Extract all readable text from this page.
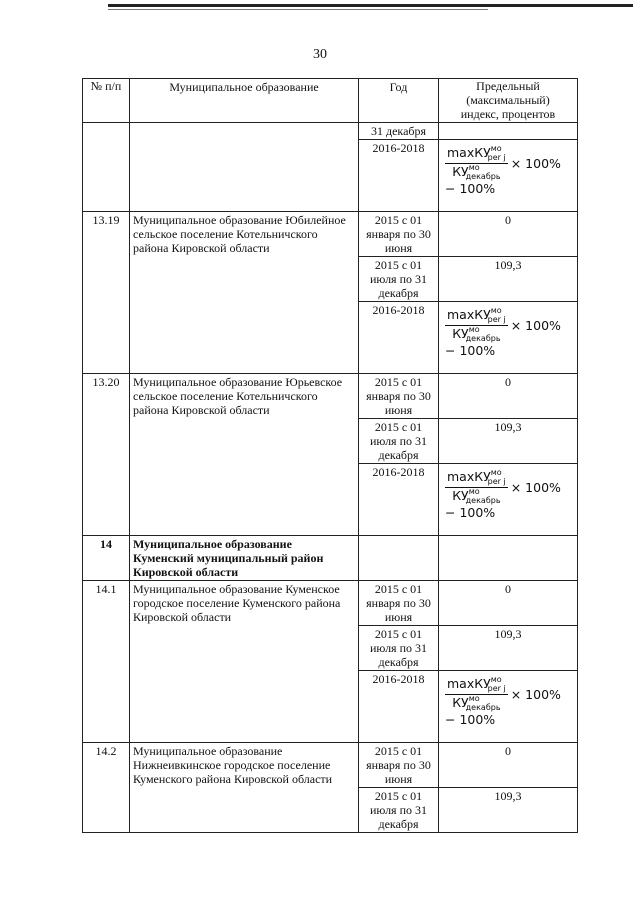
30
№ п/п	Муниципальное образование	Год	Предельный (максимальный) индекс, процентов
		31 декабря	
		2016-2018	$\frac{\max КУ^{мо}_{per j}}{КУ^{мо}_{декабрь}} \times 100\%$
− 100%

13.19	Муниципальное образование Юбилейное сельское поселение Котельничского района Кировской области	2015 с 01 января по 30 июня	0
		2015 с 01 июля по 31 декабря	109,3
		2016-2018	$\frac{\max КУ^{мо}_{per j}}{КУ^{мо}_{декабрь}} \times 100\%$
− 100%

13.20	Муниципальное образование Юрьевское сельское поселение Котельничского района Кировской области	2015 с 01 января по 30 июня	0
		2015 с 01 июля по 31 декабря	109,3
		2016-2018	$\frac{\max КУ^{мо}_{per j}}{КУ^{мо}_{декабрь}} \times 100\%$
− 100%

14	Муниципальное образование Куменский муниципальный район Кировской области		
14.1	Муниципальное образование Куменское городское поселение Куменского района Кировской области	2015 с 01 января по 30 июня	0
		2015 с 01 июля по 31 декабря	109,3
		2016-2018	$\frac{\max КУ^{мо}_{per j}}{КУ^{мо}_{декабрь}} \times 100\%$
− 100%

14.2	Муниципальное образование Нижнеивкинское городское поселение Куменского района Кировской области	2015 с 01 января по 30 июня	0
		2015 с 01 июля по 31 декабря	109,3
